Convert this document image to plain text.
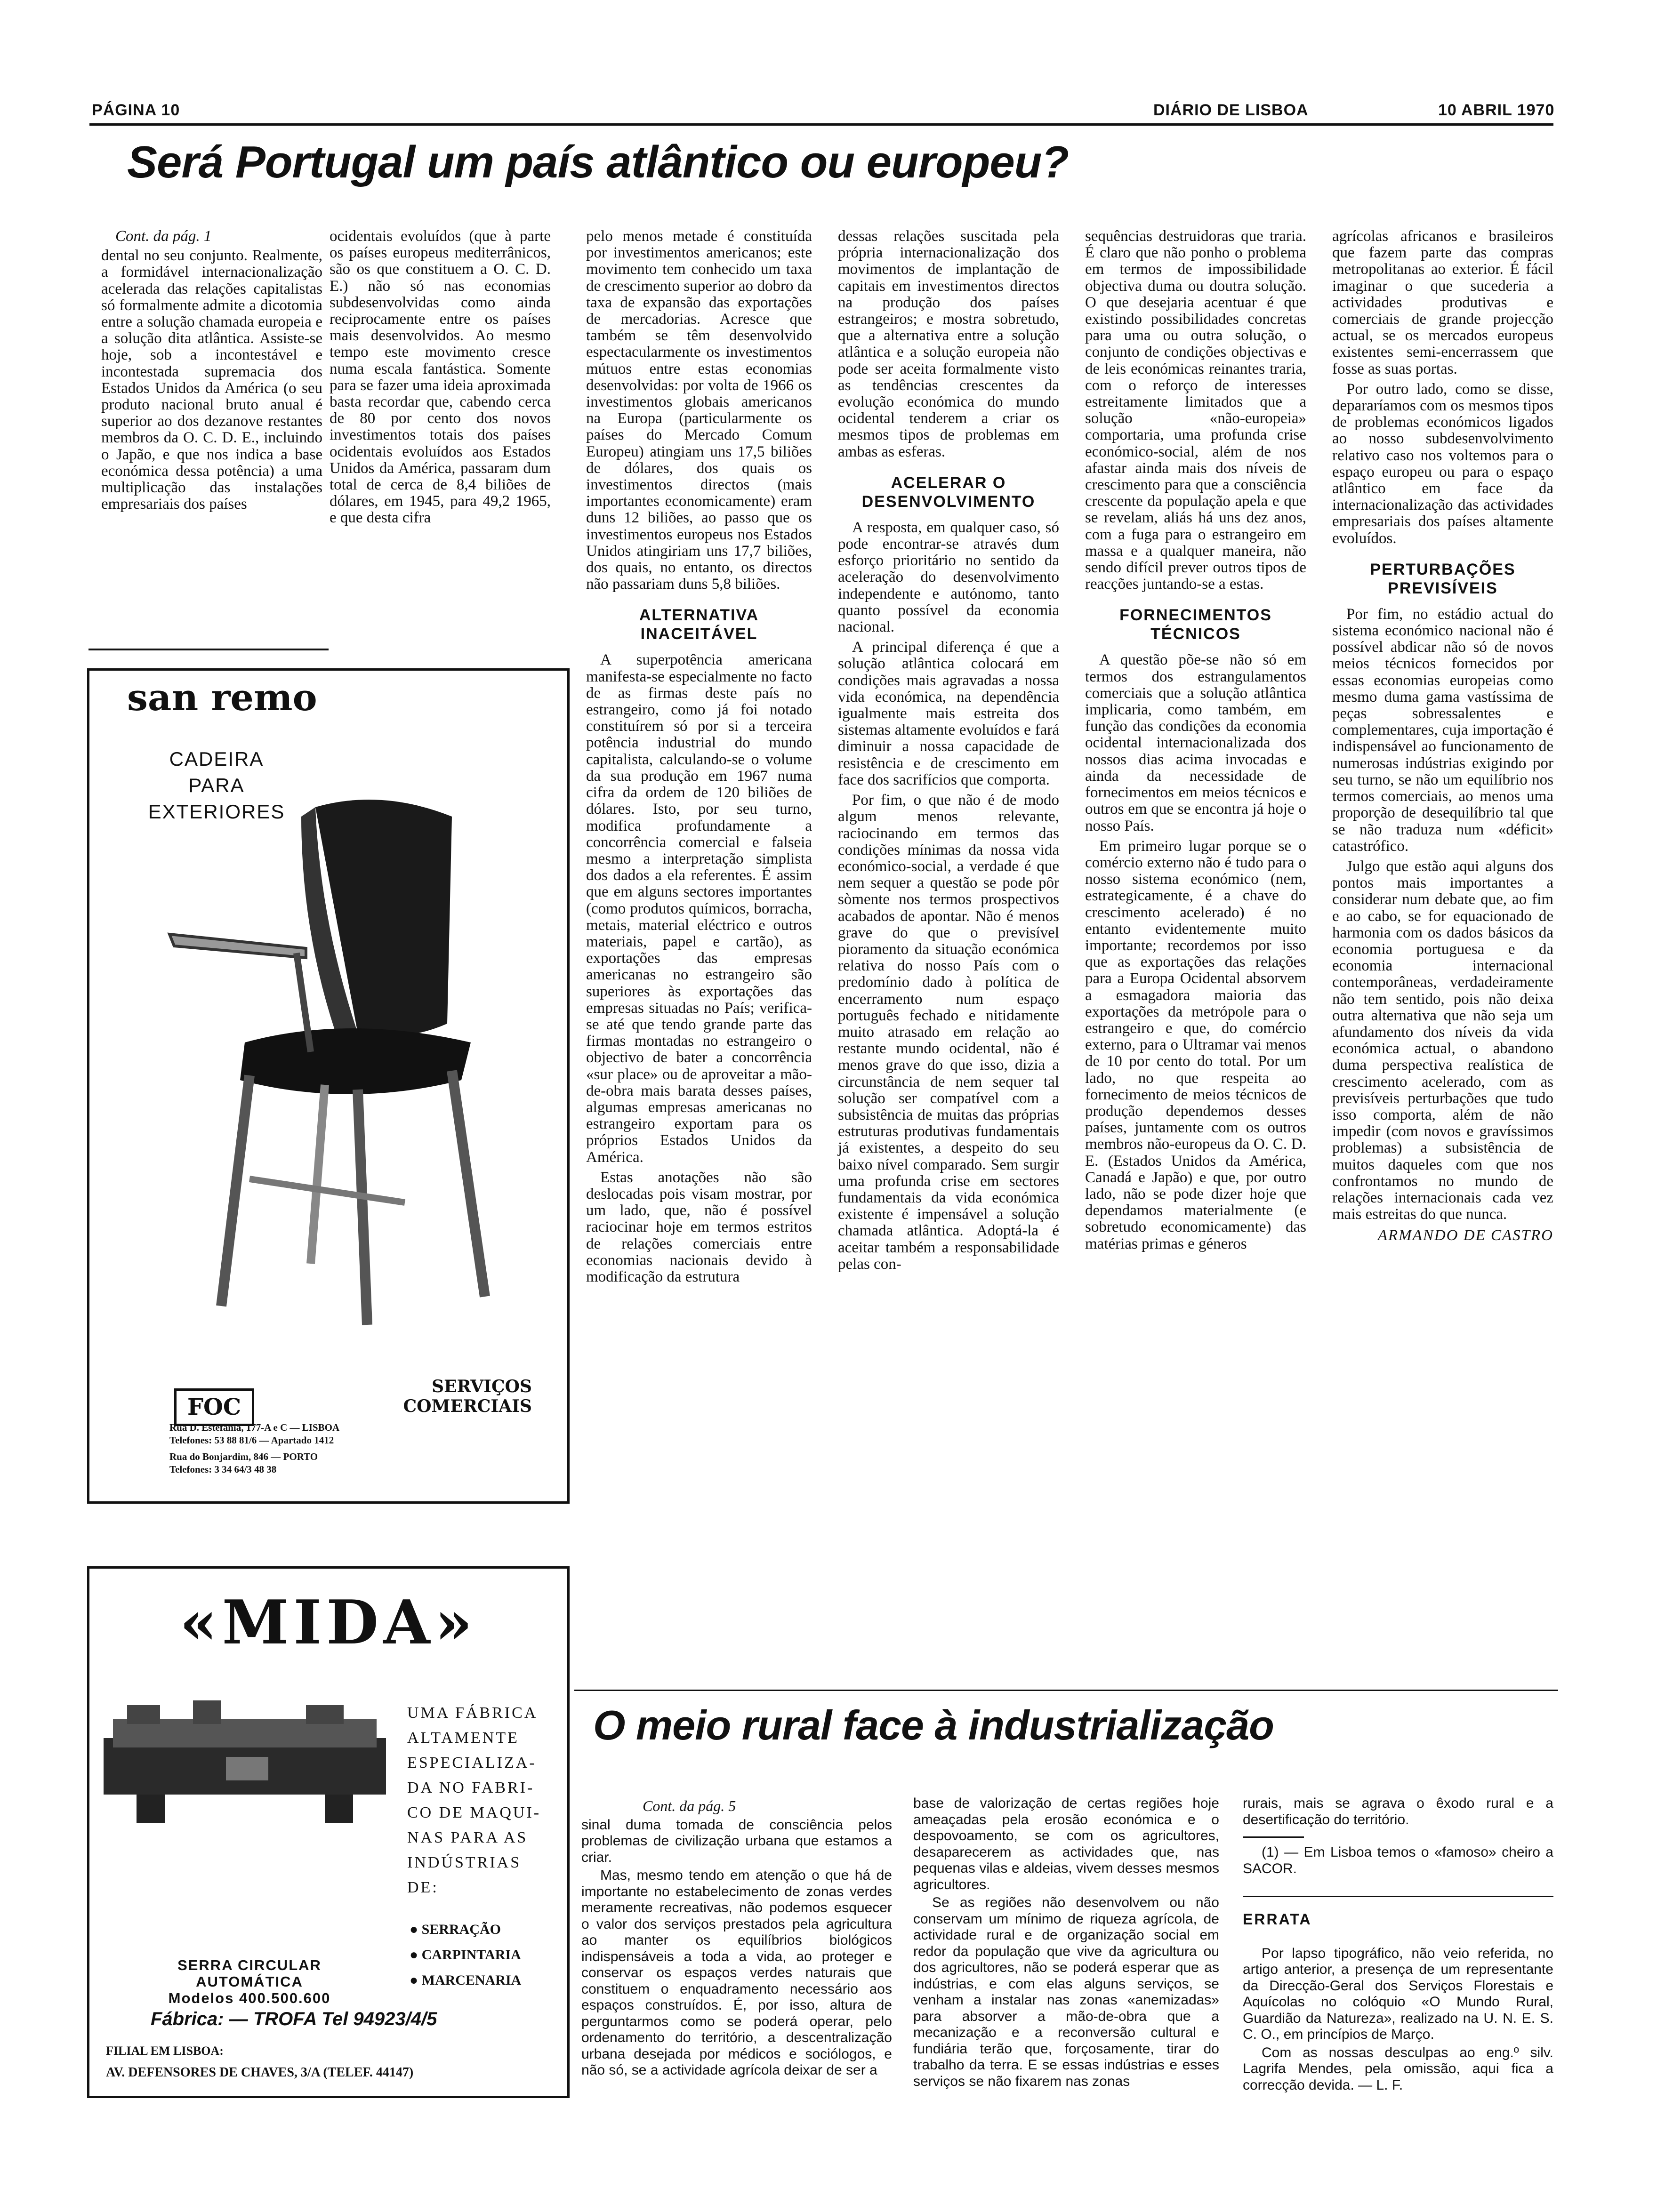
PÁGINA 10	DIÁRIO DE LISBOA	10 ABRIL 1970
Será Portugal um país atlântico ou europeu?
Cont. da pág. 1

dental no seu conjunto. Realmente, a formidável internacionalização acelerada das relações capitalistas só formalmente admite a dicotomia entre a solução chamada europeia e a solução dita atlântica. Assiste-se hoje, sob a incontestável e incontestada supremacia dos Estados Unidos da América (o seu produto nacional bruto anual é superior ao dos dezanove restantes membros da O. C. D. E., incluindo o Japão, e que nos indica a base económica dessa potência) a uma multiplicação das instalações empresariais dos países

ocidentais evoluídos (que à parte os países europeus mediterrânicos, são os que constituem a O. C. D. E.) não só nas economias subdesenvolvidas como ainda reciprocamente entre os países mais desenvolvidos. Ao mesmo tempo este movimento cresce numa escala fantástica. Somente para se fazer uma ideia aproximada basta recordar que, cabendo cerca de 80 por cento dos novos investimentos totais dos países ocidentais evoluídos aos Estados Unidos da América, passaram dum total de cerca de 8,4 biliões de dólares, em 1945, para 49,2 1965, e que desta cifra

pelo menos metade é constituída por investimentos americanos; este movimento tem conhecido um taxa de crescimento superior ao dobro da taxa de expansão das exportações de mercadorias. Acresce que também se têm desenvolvido espectacularmente os investimentos mútuos entre estas economias desenvolvidas: por volta de 1966 os investimentos globais americanos na Europa (particularmente os países do Mercado Comum Europeu) atingiam uns 17,5 biliões de dólares, dos quais os investimentos directos (mais importantes economicamente) eram duns 12 biliões, ao passo que os investimentos europeus nos Estados Unidos atingiriam uns 17,7 biliões, dos quais, no entanto, os directos não passariam duns 5,8 biliões.

ALTERNATIVA INACEITÁVEL

A superpotência americana manifesta-se especialmente no facto de as firmas deste país no estrangeiro, como já foi notado constituírem só por si a terceira potência industrial do mundo capitalista, calculando-se o volume da sua produção em 1967 numa cifra da ordem de 120 biliões de dólares. Isto, por seu turno, modifica profundamente a concorrência comercial e falseia mesmo a interpretação simplista dos dados a ela referentes. É assim que em alguns sectores importantes (como produtos químicos, borracha, metais, material eléctrico e outros materiais, papel e cartão), as exportações das empresas americanas no estrangeiro são superiores às exportações das empresas situadas no País; verifica-se até que tendo grande parte das firmas montadas no estrangeiro o objectivo de bater a concorrência «sur place» ou de aproveitar a mão-de-obra mais barata desses países, algumas empresas americanas no estrangeiro exportam para os próprios Estados Unidos da América.

Estas anotações não são deslocadas pois visam mostrar, por um lado, que, não é possível raciocinar hoje em termos estritos de relações comerciais entre economias nacionais devido à modificação da estrutura

dessas relações suscitada pela própria internacionalização dos movimentos de implantação de capitais em investimentos directos na produção dos países estrangeiros; e mostra sobretudo, que a alternativa entre a solução atlântica e a solução europeia não pode ser aceita formalmente visto as tendências crescentes da evolução económica do mundo ocidental tenderem a criar os mesmos tipos de problemas em ambas as esferas.

ACELERAR O DESENVOLVIMENTO

A resposta, em qualquer caso, só pode encontrar-se através dum esforço prioritário no sentido da aceleração do desenvolvimento independente e autónomo, tanto quanto possível da economia nacional.

A principal diferença é que a solução atlântica colocará em condições mais agravadas a nossa vida económica, na dependência igualmente mais estreita dos sistemas altamente evoluídos e fará diminuir a nossa capacidade de resistência e de crescimento em face dos sacrifícios que comporta.

Por fim, o que não é de modo algum menos relevante, raciocinando em termos das condições mínimas da nossa vida económico-social, a verdade é que nem sequer a questão se pode pôr sòmente nos termos prospectivos acabados de apontar. Não é menos grave do que o previsível pioramento da situação económica relativa do nosso País com o predomínio dado à política de encerramento num espaço português fechado e nitidamente muito atrasado em relação ao restante mundo ocidental, não é menos grave do que isso, dizia a circunstância de nem sequer tal solução ser compatível com a subsistência de muitas das próprias estruturas produtivas fundamentais já existentes, a despeito do seu baixo nível comparado. Sem surgir uma profunda crise em sectores fundamentais da vida económica existente é impensável a solução chamada atlântica. Adoptá-la é aceitar também a responsabilidade pelas con-

sequências destruidoras que traria. É claro que não ponho o problema em termos de impossibilidade objectiva duma ou doutra solução. O que desejaria acentuar é que existindo possibilidades concretas para uma ou outra solução, o conjunto de condições objectivas e de leis económicas reinantes traria, com o reforço de interesses estreitamente limitados que a solução «não-europeia» comportaria, uma profunda crise económico-social, além de nos afastar ainda mais dos níveis de crescimento para que a consciência crescente da população apela e que se revelam, aliás há uns dez anos, com a fuga para o estrangeiro em massa e a qualquer maneira, não sendo difícil prever outros tipos de reacções juntando-se a estas.

FORNECIMENTOS TÉCNICOS

A questão põe-se não só em termos dos estrangulamentos comerciais que a solução atlântica implicaria, como também, em função das condições da economia ocidental internacionalizada dos nossos dias acima invocadas e ainda da necessidade de fornecimentos em meios técnicos e outros em que se encontra já hoje o nosso País.

Em primeiro lugar porque se o comércio externo não é tudo para o nosso sistema económico (nem, estrategicamente, é a chave do crescimento acelerado) é no entanto evidentemente muito importante; recordemos por isso que as exportações das relações para a Europa Ocidental absorvem a esmagadora maioria das exportações da metrópole para o estrangeiro e que, do comércio externo, para o Ultramar vai menos de 10 por cento do total. Por um lado, no que respeita ao fornecimento de meios técnicos de produção dependemos desses países, juntamente com os outros membros não-europeus da O. C. D. E. (Estados Unidos da América, Canadá e Japão) e que, por outro lado, não se pode dizer hoje que dependamos materialmente (e sobretudo economicamente) das matérias primas e géneros

agrícolas africanos e brasileiros que fazem parte das compras metropolitanas ao exterior. É fácil imaginar o que sucederia a actividades produtivas e comerciais de grande projecção actual, se os mercados europeus existentes semi-encerrassem que fosse as suas portas.

Por outro lado, como se disse, depararíamos com os mesmos tipos de problemas económicos ligados ao nosso subdesenvolvimento relativo caso nos voltemos para o espaço europeu ou para o espaço atlântico em face da internacionalização das actividades empresariais dos países altamente evoluídos.

PERTURBAÇÕES PREVISÍVEIS

Por fim, no estádio actual do sistema económico nacional não é possível abdicar não só de novos meios técnicos fornecidos por essas economias europeias como mesmo duma gama vastíssima de peças sobressalentes e complementares, cuja importação é indispensável ao funcionamento de numerosas indústrias exigindo por seu turno, se não um equilíbrio nos termos comerciais, ao menos uma proporção de desequilíbrio tal que se não traduza num «déficit» catastrófico.

Julgo que estão aqui alguns dos pontos mais importantes a considerar num debate que, ao fim e ao cabo, se for equacionado de harmonia com os dados básicos da economia portuguesa e da economia internacional contemporâneas, verdadeiramente não tem sentido, pois não deixa outra alternativa que não seja um afundamento dos níveis da vida económica actual, o abandono duma perspectiva realística de crescimento acelerado, com as previsíveis perturbações que tudo isso comporta, além de não impedir (com novos e gravíssimos problemas) a subsistência de muitos daqueles com que nos confrontamos no mundo de relações internacionais cada vez mais estreitas do que nunca.

ARMANDO DE CASTRO
san remo
CADEIRA
PARA
EXTERIORES
FOC
SERVIÇOS
COMERCIAIS
Rua D. Estefânia, 177-A e C — LISBOA
Telefones: 53 88 81/6 — Apartado 1412
Rua do Bonjardim, 846 — PORTO
Telefones: 3 34 64/3 48 38
«MIDA»
UMA FÁBRICA
ALTAMENTE
ESPECIALIZA-
DA NO FABRI-
CO DE MAQUI-
NAS PARA AS
INDÚSTRIAS
DE:
● SERRAÇÃO
● CARPINTARIA
● MARCENARIA
SERRA CIRCULAR
AUTOMÁTICA
Modelos 400.500.600
Fábrica: — TROFA Tel 94923/4/5
FILIAL EM LISBOA:
AV. DEFENSORES DE CHAVES, 3/A (TELEF. 44147)
O meio rural face à industrialização
Cont. da pág. 5

sinal duma tomada de consciência pelos problemas de civilização urbana que estamos a criar.

Mas, mesmo tendo em atenção o que há de importante no estabelecimento de zonas verdes meramente recreativas, não podemos esquecer o valor dos serviços prestados pela agricultura ao manter os equilíbrios biológicos indispensáveis a toda a vida, ao proteger e conservar os espaços verdes naturais que constituem o enquadramento necessário aos espaços construídos. É, por isso, altura de perguntarmos como se poderá operar, pelo ordenamento do território, a descentralização urbana desejada por médicos e sociólogos, e não só, se a actividade agrícola deixar de ser a

base de valorização de certas regiões hoje ameaçadas pela erosão económica e o despovoamento, se com os agricultores, desaparecerem as actividades que, nas pequenas vilas e aldeias, vivem desses mesmos agricultores.

Se as regiões não desenvolvem ou não conservam um mínimo de riqueza agrícola, de actividade rural e de organização social em redor da população que vive da agricultura ou dos agricultores, não se poderá esperar que as indústrias, e com elas alguns serviços, se venham a instalar nas zonas «anemizadas» para absorver a mão-de-obra que a mecanização e a reconversão cultural e fundiária terão que, forçosamente, tirar do trabalho da terra. E se essas indústrias e esses serviços se não fixarem nas zonas

rurais, mais se agrava o êxodo rural e a desertificação do território.

(1) — Em Lisboa temos o «famoso» cheiro a SACOR.

ERRATA

Por lapso tipográfico, não veio referida, no artigo anterior, a presença de um representante da Direcção-Geral dos Serviços Florestais e Aquícolas no colóquio «O Mundo Rural, Guardião da Natureza», realizado na U. N. E. S. C. O., em princípios de Março.

Com as nossas desculpas ao eng.º silv. Lagrifa Mendes, pela omissão, aqui fica a correcção devida. — L. F.
